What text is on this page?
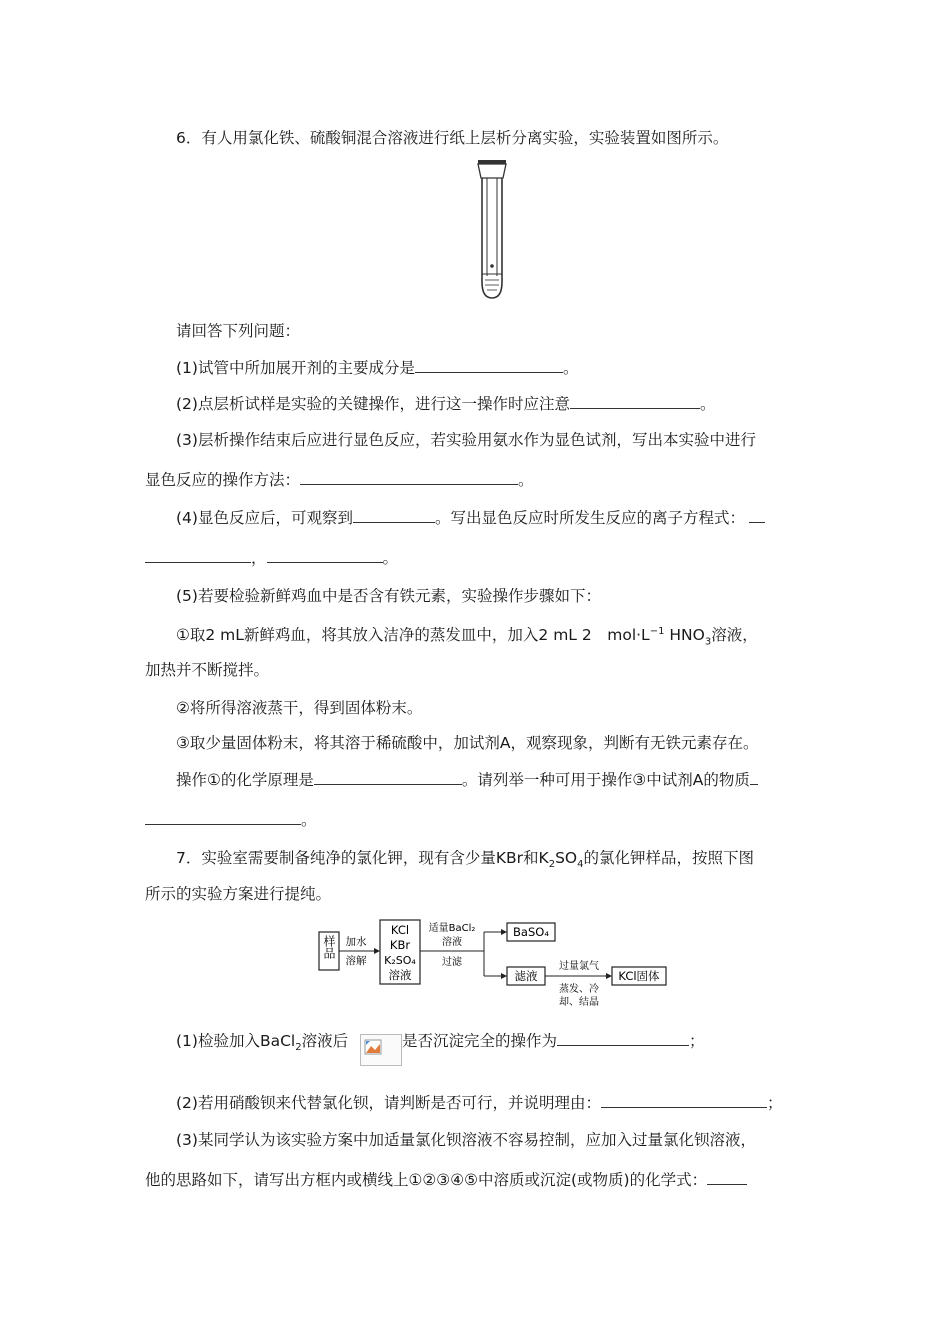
6．有人用氯化铁、硫酸铜混合溶液进行纸上层析分离实验，实验装置如图所示。
请回答下列问题：
(1)试管中所加展开剂的主要成分是	。
(2)点层析试样是实验的关键操作，进行这一操作时应注意	。
(3)层析操作结束后应进行显色反应，若实验用氨水作为显色试剂，写出本实验中进行
显色反应的操作方法：	。
(4)显色反应后，可观察到	。写出显色反应时所发生反应的离子方程式：
，	。
(5)若要检验新鲜鸡血中是否含有铁元素，实验操作步骤如下：
①取2 mL新鲜鸡血，将其放入洁净的蒸发皿中，加入2 mL 2　$mol\cdot L^{-1}$ $HNO_3$溶液，
加热并不断搅拌。
②将所得溶液蒸干，得到固体粉末。
③取少量固体粉末，将其溶于稀硫酸中，加试剂A，观察现象，判断有无铁元素存在。
操作①的化学原理是	。请列举一种可用于操作③中试剂A的物质
。
7．实验室需要制备纯净的氯化钾，现有含少量KBr和$K_2SO_4$的氯化钾样品，按照下图
所示的实验方案进行提纯。
样品 加水
溶解
KCl
KBr
K₂SO₄
溶液
适量BaCl₂
溶液
过滤
BaSO₄
滤液
过量氯气
蒸发、冷
却、结晶
KCl固体
(1)检验加入BaCl$_2$溶液后	是否沉淀完全的操作为	；
(2)若用硝酸钡来代替氯化钡，请判断是否可行，并说明理由：	；
(3)某同学认为该实验方案中加适量氯化钡溶液不容易控制，应加入过量氯化钡溶液，
他的思路如下，请写出方框内或横线上①②③④⑤中溶质或沉淀(或物质)的化学式：
